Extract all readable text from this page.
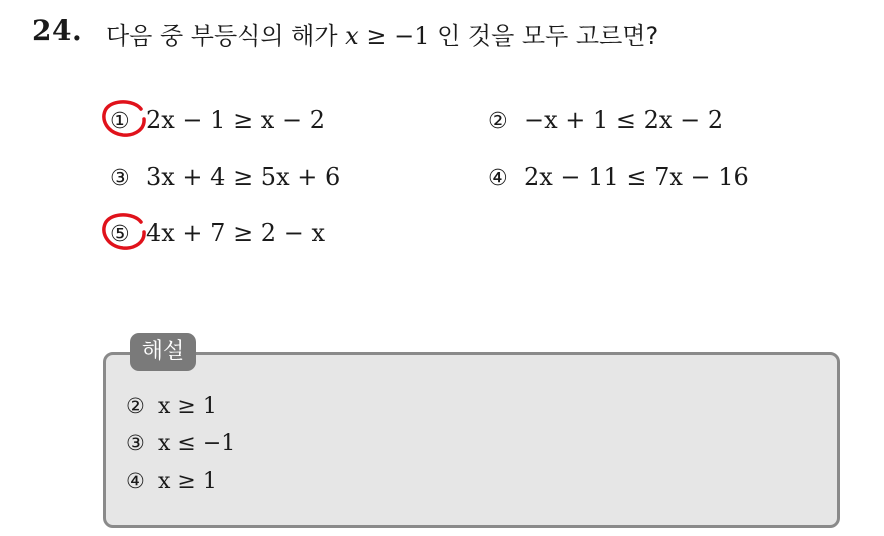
24. 다음 중 부등식의 해가 x ≥ −1 인 것을 모두 고르면?
① 2x − 1 ≥ x − 2	② −x + 1 ≤ 2x − 2
③ 3x + 4 ≥ 5x + 6	④ 2x − 11 ≤ 7x − 16
⑤ 4x + 7 ≥ 2 − x
해설
② x ≥ 1
③ x ≤ −1
④ x ≥ 1
